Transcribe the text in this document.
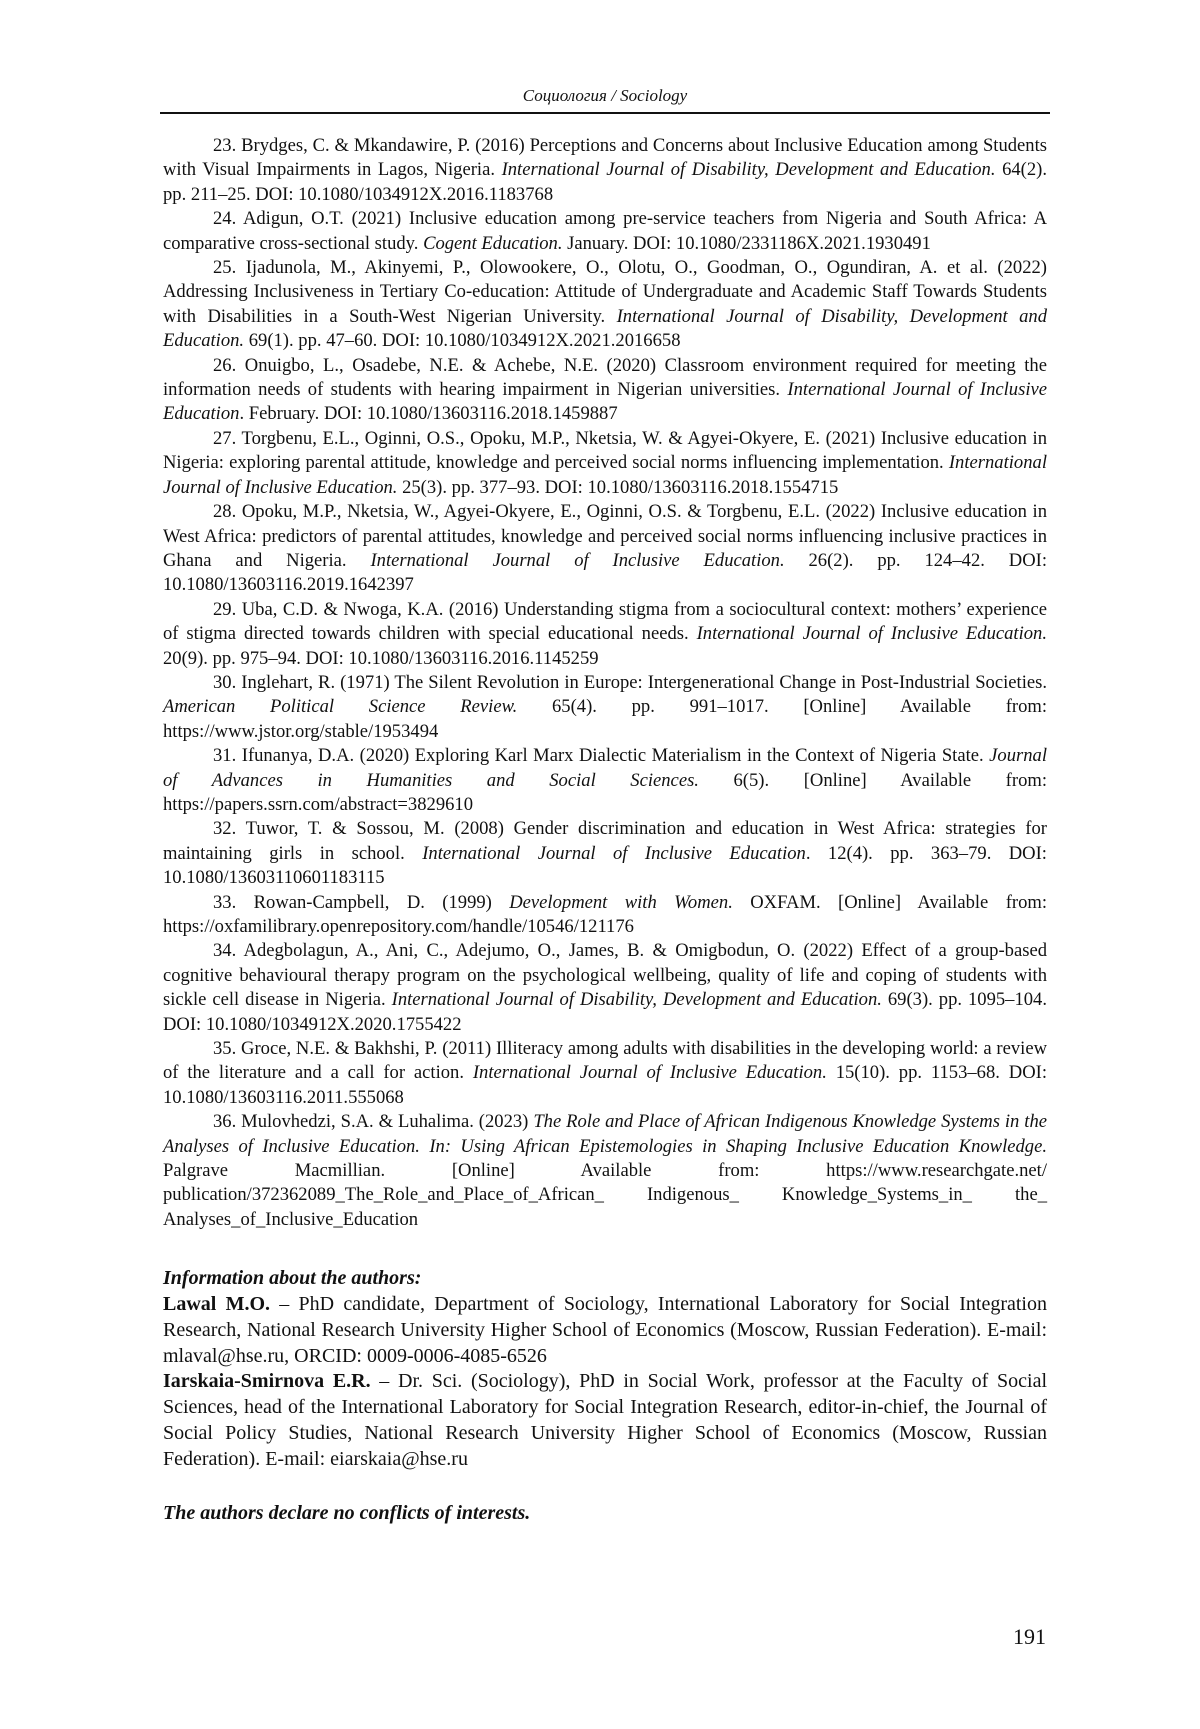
Социология / Sociology

23. Brydges, C. & Mkandawire, P. (2016) Perceptions and Concerns about Inclusive Education among Students with Visual Impairments in Lagos, Nigeria. International Journal of Disability, Development and Education. 64(2). pp. 211–25. DOI: 10.1080/1034912X.2016.1183768

24. Adigun, O.T. (2021) Inclusive education among pre-service teachers from Nigeria and South Africa: A comparative cross-sectional study. Cogent Education. January. DOI: 10.1080/2331186X.2021.1930491

25. Ijadunola, M., Akinyemi, P., Olowookere, O., Olotu, O., Goodman, O., Ogundiran, A. et al. (2022) Addressing Inclusiveness in Tertiary Co-education: Attitude of Undergraduate and Academic Staff Towards Students with Disabilities in a South-West Nigerian University. International Journal of Disability, Development and Education. 69(1). pp. 47–60. DOI: 10.1080/1034912X.2021.2016658

26. Onuigbo, L., Osadebe, N.E. & Achebe, N.E. (2020) Classroom environment required for meeting the information needs of students with hearing impairment in Nigerian universities. International Journal of Inclusive Education. February. DOI: 10.1080/13603116.2018.1459887

27. Torgbenu, E.L., Oginni, O.S., Opoku, M.P., Nketsia, W. & Agyei-Okyere, E. (2021) Inclusive education in Nigeria: exploring parental attitude, knowledge and perceived social norms influencing implementation. International Journal of Inclusive Education. 25(3). pp. 377–93. DOI: 10.1080/13603116.2018.1554715

28. Opoku, M.P., Nketsia, W., Agyei-Okyere, E., Oginni, O.S. & Torgbenu, E.L. (2022) Inclusive education in West Africa: predictors of parental attitudes, knowledge and perceived social norms influencing inclusive practices in Ghana and Nigeria. International Journal of Inclusive Education. 26(2). pp. 124–42. DOI: 10.1080/13603116.2019.1642397

29. Uba, C.D. & Nwoga, K.A. (2016) Understanding stigma from a sociocultural context: mothers’ experience of stigma directed towards children with special educational needs. International Journal of Inclusive Education. 20(9). pp. 975–94. DOI: 10.1080/13603116.2016.1145259

30. Inglehart, R. (1971) The Silent Revolution in Europe: Intergenerational Change in Post-Industrial Societies. American Political Science Review. 65(4). pp. 991–1017. [Online] Available from: https://www.jstor.org/stable/1953494

31. Ifunanya, D.A. (2020) Exploring Karl Marx Dialectic Materialism in the Context of Nigeria State. Journal of Advances in Humanities and Social Sciences. 6(5). [Online] Available from: https://papers.ssrn.com/abstract=3829610

32. Tuwor, T. & Sossou, M. (2008) Gender discrimination and education in West Africa: strategies for maintaining girls in school. International Journal of Inclusive Education. 12(4). pp. 363–79. DOI: 10.1080/13603110601183115

33. Rowan-Campbell, D. (1999) Development with Women. OXFAM. [Online] Available from: https://oxfamilibrary.openrepository.com/handle/10546/121176

34. Adegbolagun, A., Ani, C., Adejumo, O., James, B. & Omigbodun, O. (2022) Effect of a group-based cognitive behavioural therapy program on the psychological wellbeing, quality of life and coping of students with sickle cell disease in Nigeria. International Journal of Disability, Development and Education. 69(3). pp. 1095–104. DOI: 10.1080/1034912X.2020.1755422

35. Groce, N.E. & Bakhshi, P. (2011) Illiteracy among adults with disabilities in the developing world: a review of the literature and a call for action. International Journal of Inclusive Education. 15(10). pp. 1153–68. DOI: 10.1080/13603116.2011.555068

36. Mulovhedzi, S.A. & Luhalima. (2023) The Role and Place of African Indigenous Knowledge Systems in the Analyses of Inclusive Education. In: Using African Epistemologies in Shaping Inclusive Education Knowledge. Palgrave Macmillian. [Online] Available from: https://www.researchgate.net/ publication/372362089_The_Role_and_Place_of_African_ Indigenous_ Knowledge_Systems_in_ the_ Analyses_of_Inclusive_Education

Information about the authors:

Lawal M.O. – PhD candidate, Department of Sociology, International Laboratory for Social Integration Research, National Research University Higher School of Economics (Moscow, Russian Federation). E-mail: mlaval@hse.ru, ORCID: 0009-0006-4085-6526

Iarskaia-Smirnova E.R. – Dr. Sci. (Sociology), PhD in Social Work, professor at the Faculty of Social Sciences, head of the International Laboratory for Social Integration Research, editor-in-chief, the Journal of Social Policy Studies, National Research University Higher School of Economics (Moscow, Russian Federation). E-mail: eiarskaia@hse.ru

The authors declare no conflicts of interests.
191
